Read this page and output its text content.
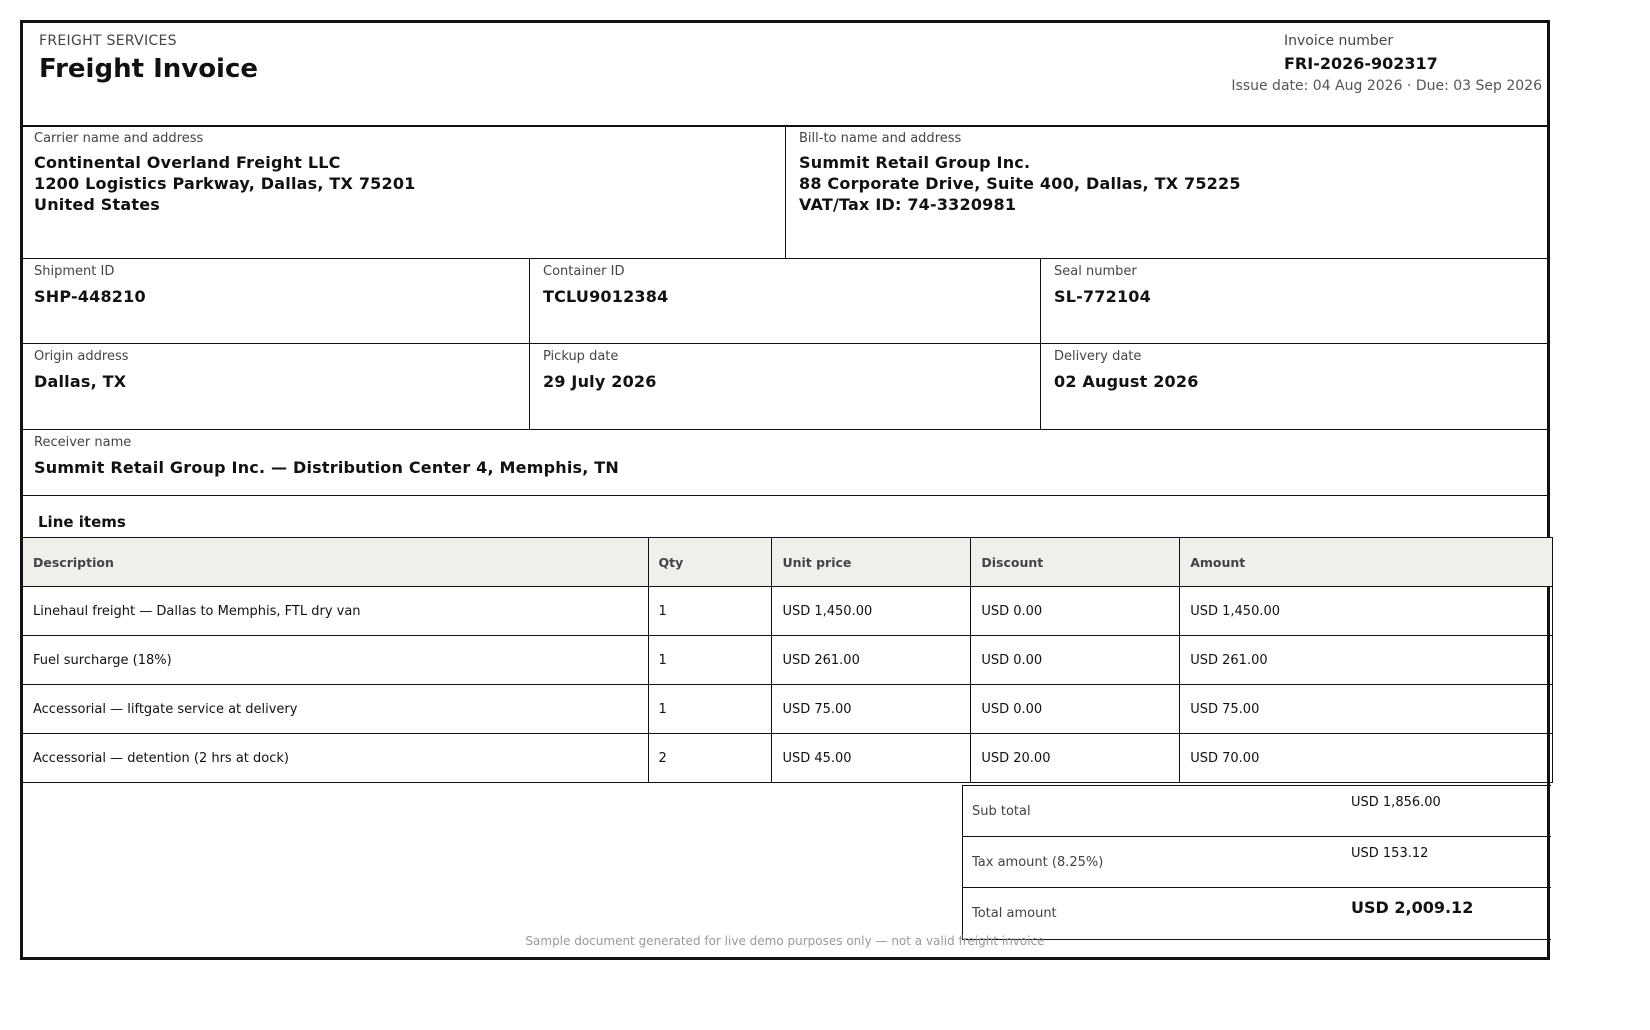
FREIGHT SERVICES
Freight Invoice
Invoice number
FRI-2026-902317
Issue date: 04 Aug 2026 · Due: 03 Sep 2026
Carrier name and address
Continental Overland Freight LLC
1200 Logistics Parkway, Dallas, TX 75201
United States
Bill-to name and address
Summit Retail Group Inc.
88 Corporate Drive, Suite 400, Dallas, TX 75225
VAT/Tax ID: 74-3320981
Shipment ID
SHP-448210
Container ID
TCLU9012384
Seal number
SL-772104
Origin address
Dallas, TX
Pickup date
29 July 2026
Delivery date
02 August 2026
Receiver name
Summit Retail Group Inc. — Distribution Center 4, Memphis, TN
Line items
Description	Qty	Unit price	Discount	Amount
Linehaul freight — Dallas to Memphis, FTL dry van	1	USD 1,450.00	USD 0.00	USD 1,450.00
Fuel surcharge (18%)	1	USD 261.00	USD 0.00	USD 261.00
Accessorial — liftgate service at delivery	1	USD 75.00	USD 0.00	USD 75.00
Accessorial — detention (2 hrs at dock)	2	USD 45.00	USD 20.00	USD 70.00
Sub total	USD 1,856.00
Tax amount (8.25%)	USD 153.12
Total amount	USD 2,009.12
Sample document generated for live demo purposes only — not a valid freight invoice
